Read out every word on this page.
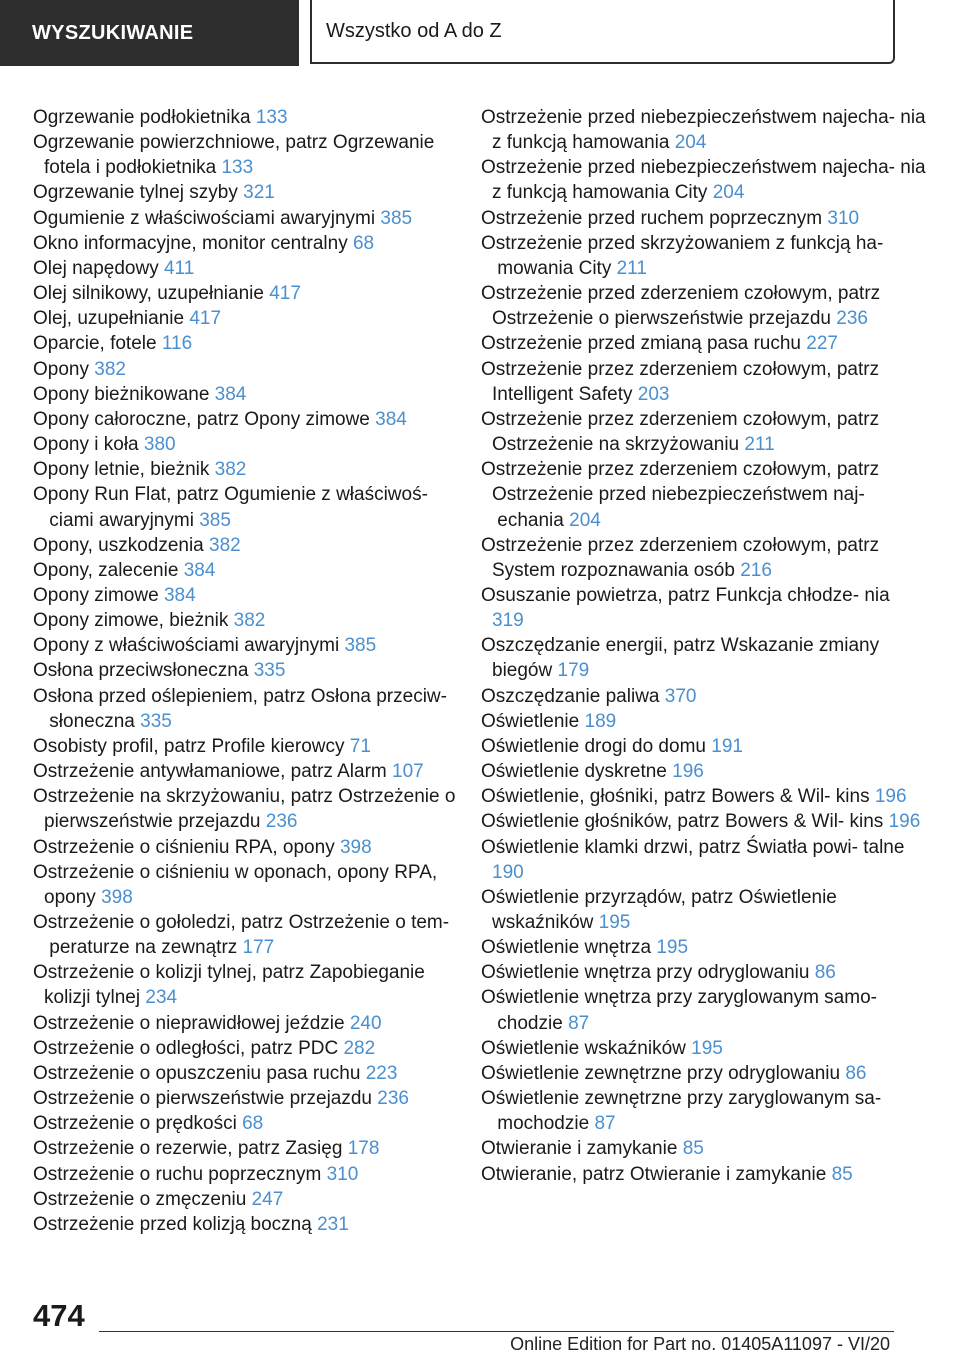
WYSZUKIWANIE	Wszystko od A do Z
Ogrzewanie podłokietnika 133
Ogrzewanie powierzchniowe, patrz Ogrzewanie fotela i podłokietnika 133
Ogrzewanie tylnej szyby 321
Ogumienie z właściwościami awaryjnymi 385
Okno informacyjne, monitor centralny 68
Olej napędowy 411
Olej silnikowy, uzupełnianie 417
Olej, uzupełnianie 417
Oparcie, fotele 116
Opony 382
Opony bieżnikowane 384
Opony całoroczne, patrz Opony zimowe 384
Opony i koła 380
Opony letnie, bieżnik 382
Opony Run Flat, patrz Ogumienie z właściwoś- ciami awaryjnymi 385
Opony, uszkodzenia 382
Opony, zalecenie 384
Opony zimowe 384
Opony zimowe, bieżnik 382
Opony z właściwościami awaryjnymi 385
Osłona przeciwsłoneczna 335
Osłona przed oślepieniem, patrz Osłona przeciw- słoneczna 335
Osobisty profil, patrz Profile kierowcy 71
Ostrzeżenie antywłamaniowe, patrz Alarm 107
Ostrzeżenie na skrzyżowaniu, patrz Ostrzeżenie o pierwszeństwie przejazdu 236
Ostrzeżenie o ciśnieniu RPA, opony 398
Ostrzeżenie o ciśnieniu w oponach, opony RPA, opony 398
Ostrzeżenie o gołoledzi, patrz Ostrzeżenie o tem- peraturze na zewnątrz 177
Ostrzeżenie o kolizji tylnej, patrz Zapobieganie kolizji tylnej 234
Ostrzeżenie o nieprawidłowej jeździe 240
Ostrzeżenie o odległości, patrz PDC 282
Ostrzeżenie o opuszczeniu pasa ruchu 223
Ostrzeżenie o pierwszeństwie przejazdu 236
Ostrzeżenie o prędkości 68
Ostrzeżenie o rezerwie, patrz Zasięg 178
Ostrzeżenie o ruchu poprzecznym 310
Ostrzeżenie o zmęczeniu 247
Ostrzeżenie przed kolizją boczną 231
Ostrzeżenie przed niebezpieczeństwem najecha- nia z funkcją hamowania 204
Ostrzeżenie przed niebezpieczeństwem najecha- nia z funkcją hamowania City 204
Ostrzeżenie przed ruchem poprzecznym 310
Ostrzeżenie przed skrzyżowaniem z funkcją ha- mowania City 211
Ostrzeżenie przed zderzeniem czołowym, patrz Ostrzeżenie o pierwszeństwie przejazdu 236
Ostrzeżenie przed zmianą pasa ruchu 227
Ostrzeżenie przez zderzeniem czołowym, patrz Intelligent Safety 203
Ostrzeżenie przez zderzeniem czołowym, patrz Ostrzeżenie na skrzyżowaniu 211
Ostrzeżenie przez zderzeniem czołowym, patrz Ostrzeżenie przed niebezpieczeństwem naj- echania 204
Ostrzeżenie przez zderzeniem czołowym, patrz System rozpoznawania osób 216
Osuszanie powietrza, patrz Funkcja chłodze- nia 319
Oszczędzanie energii, patrz Wskazanie zmiany biegów 179
Oszczędzanie paliwa 370
Oświetlenie 189
Oświetlenie drogi do domu 191
Oświetlenie dyskretne 196
Oświetlenie, głośniki, patrz Bowers & Wil- kins 196
Oświetlenie głośników, patrz Bowers & Wil- kins 196
Oświetlenie klamki drzwi, patrz Światła powi- talne 190
Oświetlenie przyrządów, patrz Oświetlenie wskaźników 195
Oświetlenie wnętrza 195
Oświetlenie wnętrza przy odryglowaniu 86
Oświetlenie wnętrza przy zaryglowanym samo- chodzie 87
Oświetlenie wskaźników 195
Oświetlenie zewnętrzne przy odryglowaniu 86
Oświetlenie zewnętrzne przy zaryglowanym sa- mochodzie 87
Otwieranie i zamykanie 85
Otwieranie, patrz Otwieranie i zamykanie 85
474
Online Edition for Part no. 01405A11097 - VI/20
